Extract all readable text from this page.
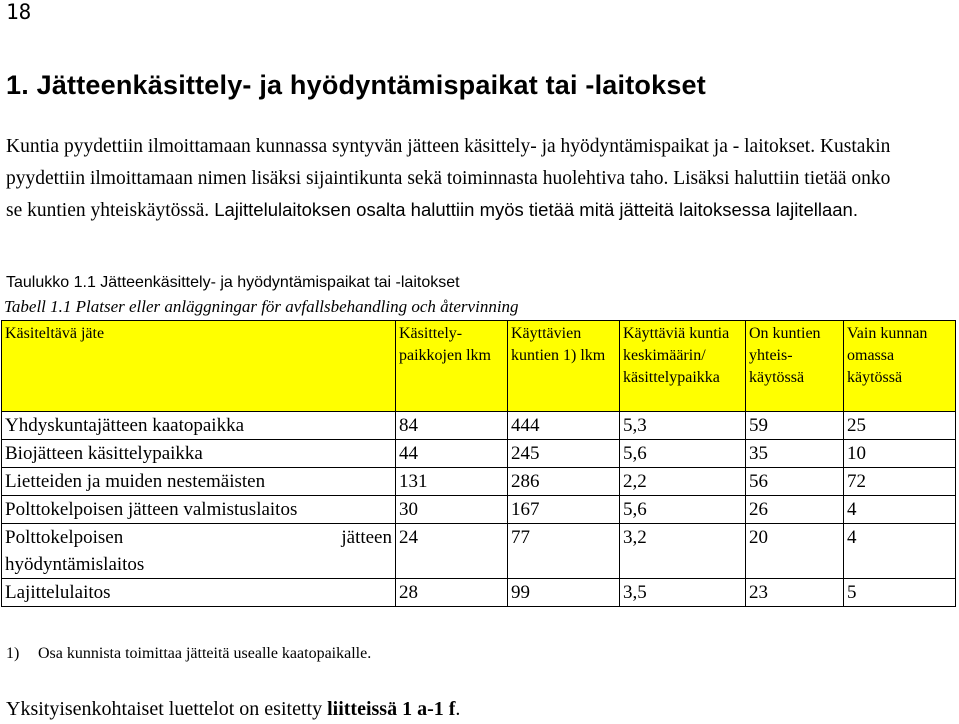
18
1. Jätteenkäsittely- ja hyödyntämispaikat tai -laitokset
Kuntia pyydettiin ilmoittamaan kunnassa syntyvän jätteen käsittely- ja hyödyntämispaikat ja - laitokset. Kustakin pyydettiin ilmoittamaan nimen lisäksi sijaintikunta sekä toiminnasta huolehtiva taho. Lisäksi haluttiin tietää onko se kuntien yhteiskäytössä. Lajittelulaitoksen osalta haluttiin myös tietää mitä jätteitä laitoksessa lajitellaan.
Taulukko 1.1 Jätteenkäsittely- ja hyödyntämispaikat tai -laitokset
Tabell 1.1 Platser eller anläggningar för avfallsbehandling och återvinning
Käsiteltävä jäte	Käsittely-paikkojen lkm	Käyttävien kuntien 1) lkm	Käyttäviä kuntia keskimäärin/ käsittelypaikka	On kuntien yhteis-käytössä	Vain kunnan omassa käytössä
Yhdyskuntajätteen kaatopaikka	84	444	5,3	59	25
Biojätteen käsittelypaikka	44	245	5,6	35	10
Lietteiden ja muiden nestemäisten	131	286	2,2	56	72
Polttokelpoisen jätteen valmistuslaitos	30	167	5,6	26	4

Polttokelpoisen jätteen
hyödyntämislaitos	24	77	3,2	20	4
Lajittelulaitos	28	99	3,5	23	5
1) Osa kunnista toimittaa jätteitä usealle kaatopaikalle.
Yksityisenkohtaiset luettelot on esitetty liitteissä 1 a-1 f.
